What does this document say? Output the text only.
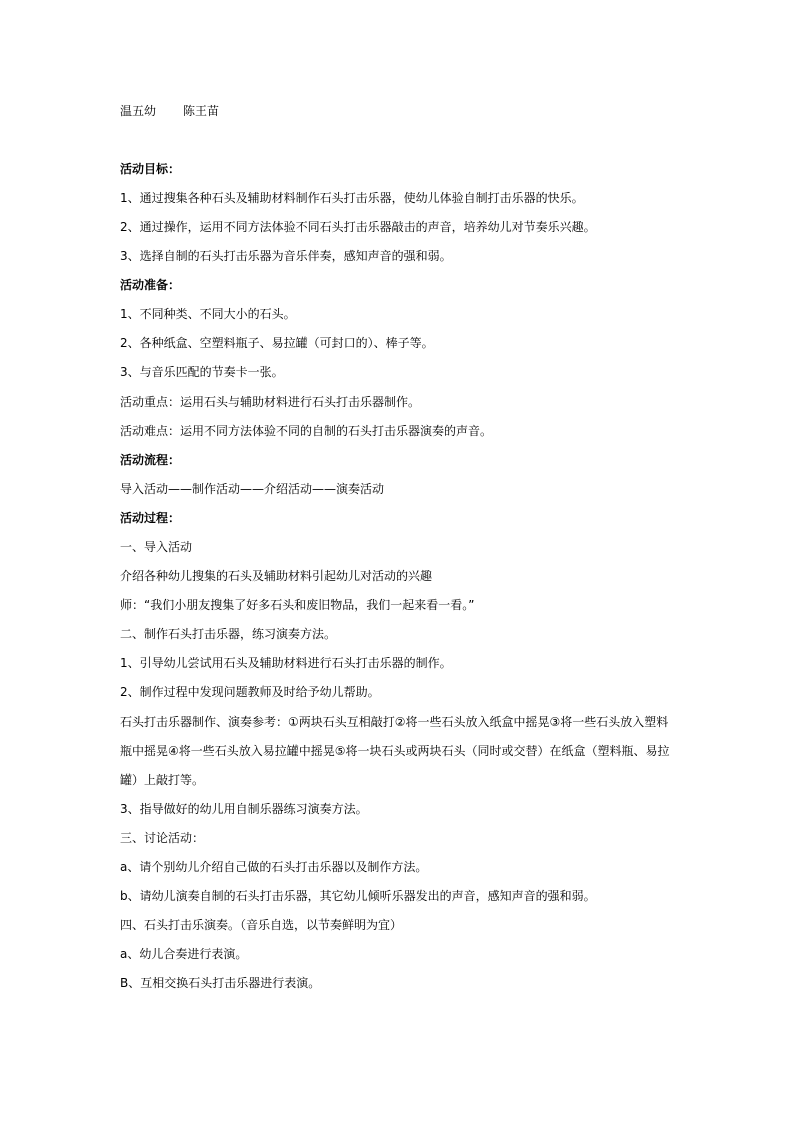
温五幼 陈王苗
活动目标：
1、通过搜集各种石头及辅助材料制作石头打击乐器，使幼儿体验自制打击乐器的快乐。
2、通过操作，运用不同方法体验不同石头打击乐器敲击的声音，培养幼儿对节奏乐兴趣。
3、选择自制的石头打击乐器为音乐伴奏，感知声音的强和弱。
活动准备：
1、不同种类、不同大小的石头。
2、各种纸盒、空塑料瓶子、易拉罐（可封口的）、棒子等。
3、与音乐匹配的节奏卡一张。
活动重点：运用石头与辅助材料进行石头打击乐器制作。
活动难点：运用不同方法体验不同的自制的石头打击乐器演奏的声音。
活动流程：
导入活动——制作活动——介绍活动——演奏活动
活动过程：
一、导入活动
介绍各种幼儿搜集的石头及辅助材料引起幼儿对活动的兴趣
师：“我们小朋友搜集了好多石头和废旧物品，我们一起来看一看。”
二、制作石头打击乐器，练习演奏方法。
1、引导幼儿尝试用石头及辅助材料进行石头打击乐器的制作。
2、制作过程中发现问题教师及时给予幼儿帮助。
石头打击乐器制作、演奏参考：①两块石头互相敲打②将一些石头放入纸盒中摇晃③将一些石头放入塑料
瓶中摇晃④将一些石头放入易拉罐中摇晃⑤将一块石头或两块石头（同时或交替）在纸盒（塑料瓶、易拉
罐）上敲打等。
3、指导做好的幼儿用自制乐器练习演奏方法。
三、讨论活动：
a、请个别幼儿介绍自己做的石头打击乐器以及制作方法。
b、请幼儿演奏自制的石头打击乐器，其它幼儿倾听乐器发出的声音，感知声音的强和弱。
四、石头打击乐演奏。（音乐自选，以节奏鲜明为宜）
a、幼儿合奏进行表演。
B、互相交换石头打击乐器进行表演。
